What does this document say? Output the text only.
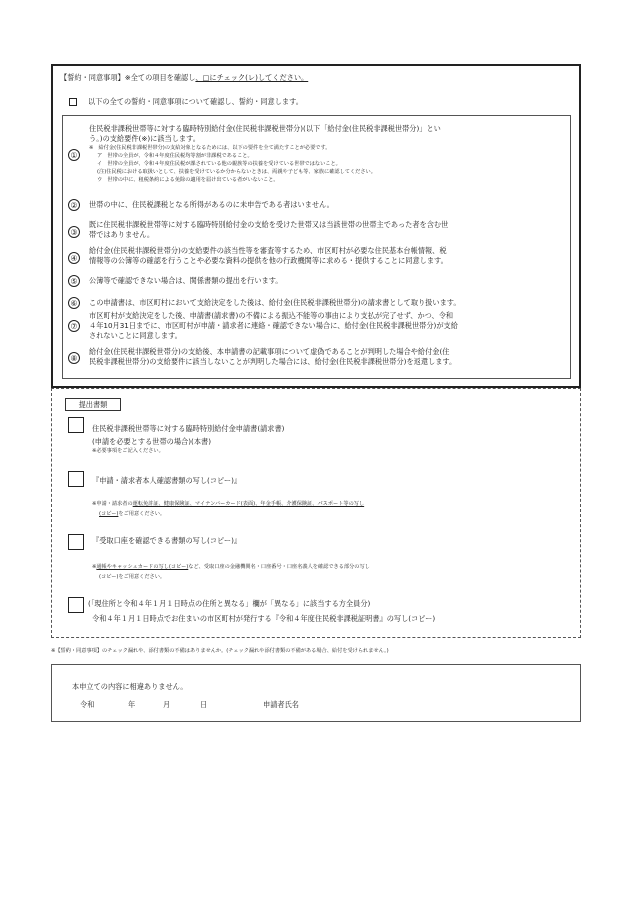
【誓約・同意事項】※全ての項目を確認し、□にチェック(レ)してください。
以下の全ての誓約・同意事項について確認し、誓約・同意します。
①
住民税非課税世帯等に対する臨時特別給付金(住民税非課税世帯分)(以下「給付金(住民税非課税世帯分)」とい
う。)の支給要件(※)に該当します。
※　給付金(住民税非課税世帯分)の支給対象となるためには、以下の要件を全て満たすことが必要です。
ア　世帯の全員が、令和４年度住民税均等割が非課税であること。
イ　世帯の全員が、令和４年度住民税が課されている他の親族等の扶養を受けている世帯ではないこと。
(注)住民税における取扱いとして、扶養を受けているか分からないときは、両親や子ども等、家族に確認してください。
ウ　世帯の中に、租税条約による免除の適用を届け出ている者がいないこと。
②	世帯の中に、住民税課税となる所得があるのに未申告である者はいません。
③
既に住民税非課税世帯等に対する臨時特別給付金の支給を受けた世帯又は当該世帯の世帯主であった者を含む世
帯ではありません。
④
給付金(住民税非課税世帯分)の支給要件の該当性等を審査等するため、市区町村が必要な住民基本台帳情報、税
情報等の公簿等の確認を行うことや必要な資料の提供を他の行政機関等に求める・提供することに同意します。
⑤	公簿等で確認できない場合は、関係書類の提出を行います。
⑥	この申請書は、市区町村において支給決定をした後は、給付金(住民税非課税世帯分)の請求書として取り扱います。
⑦
市区町村が支給決定をした後、申請書(請求書)の不備による振込不能等の事由により支払が完了せず、かつ、令和
４年10月31日までに、市区町村が申請・請求者に連絡・確認できない場合に、給付金(住民税非課税世帯分)が支給
されないことに同意します。
⑧
給付金(住民税非課税世帯分)の支給後、本申請書の記載事項について虚偽であることが判明した場合や給付金(住
民税非課税世帯分)の支給要件に該当しないことが判明した場合には、給付金(住民税非課税世帯分)を返還します。
提出書類
住民税非課税世帯等に対する臨時特別給付金申請書(請求書)
(申請を必要とする世帯の場合)(本書)
※必要事項をご記入ください。
『申請・請求者本人確認書類の写し(コピー)』
※申請・請求者の運転免許証、健康保険証、マイナンバーカード(表面)、年金手帳、介護保険証、パスポート等の写し
(コピー)をご用意ください。
『受取口座を確認できる書類の写し(コピー)』
※通帳やキャッシュカードの写し(コピー)など、受取口座の金融機関名・口座番号・口座名義人を確認できる部分の写し
(コピー)をご用意ください。
(「現住所と令和４年１月１日時点の住所と異なる」欄が「異なる」に該当する方全員分)
令和４年１月１日時点でお住まいの市区町村が発行する『令和４年度住民税非課税証明書』の写し(コピー)
※【誓約・同意事項】のチェック漏れや、添付書類の不備はありませんか。(チェック漏れや添付書類の不備がある場合、給付を受けられません。)
本申立ての内容に相違ありません。
令和	年	月	日	申請者氏名
